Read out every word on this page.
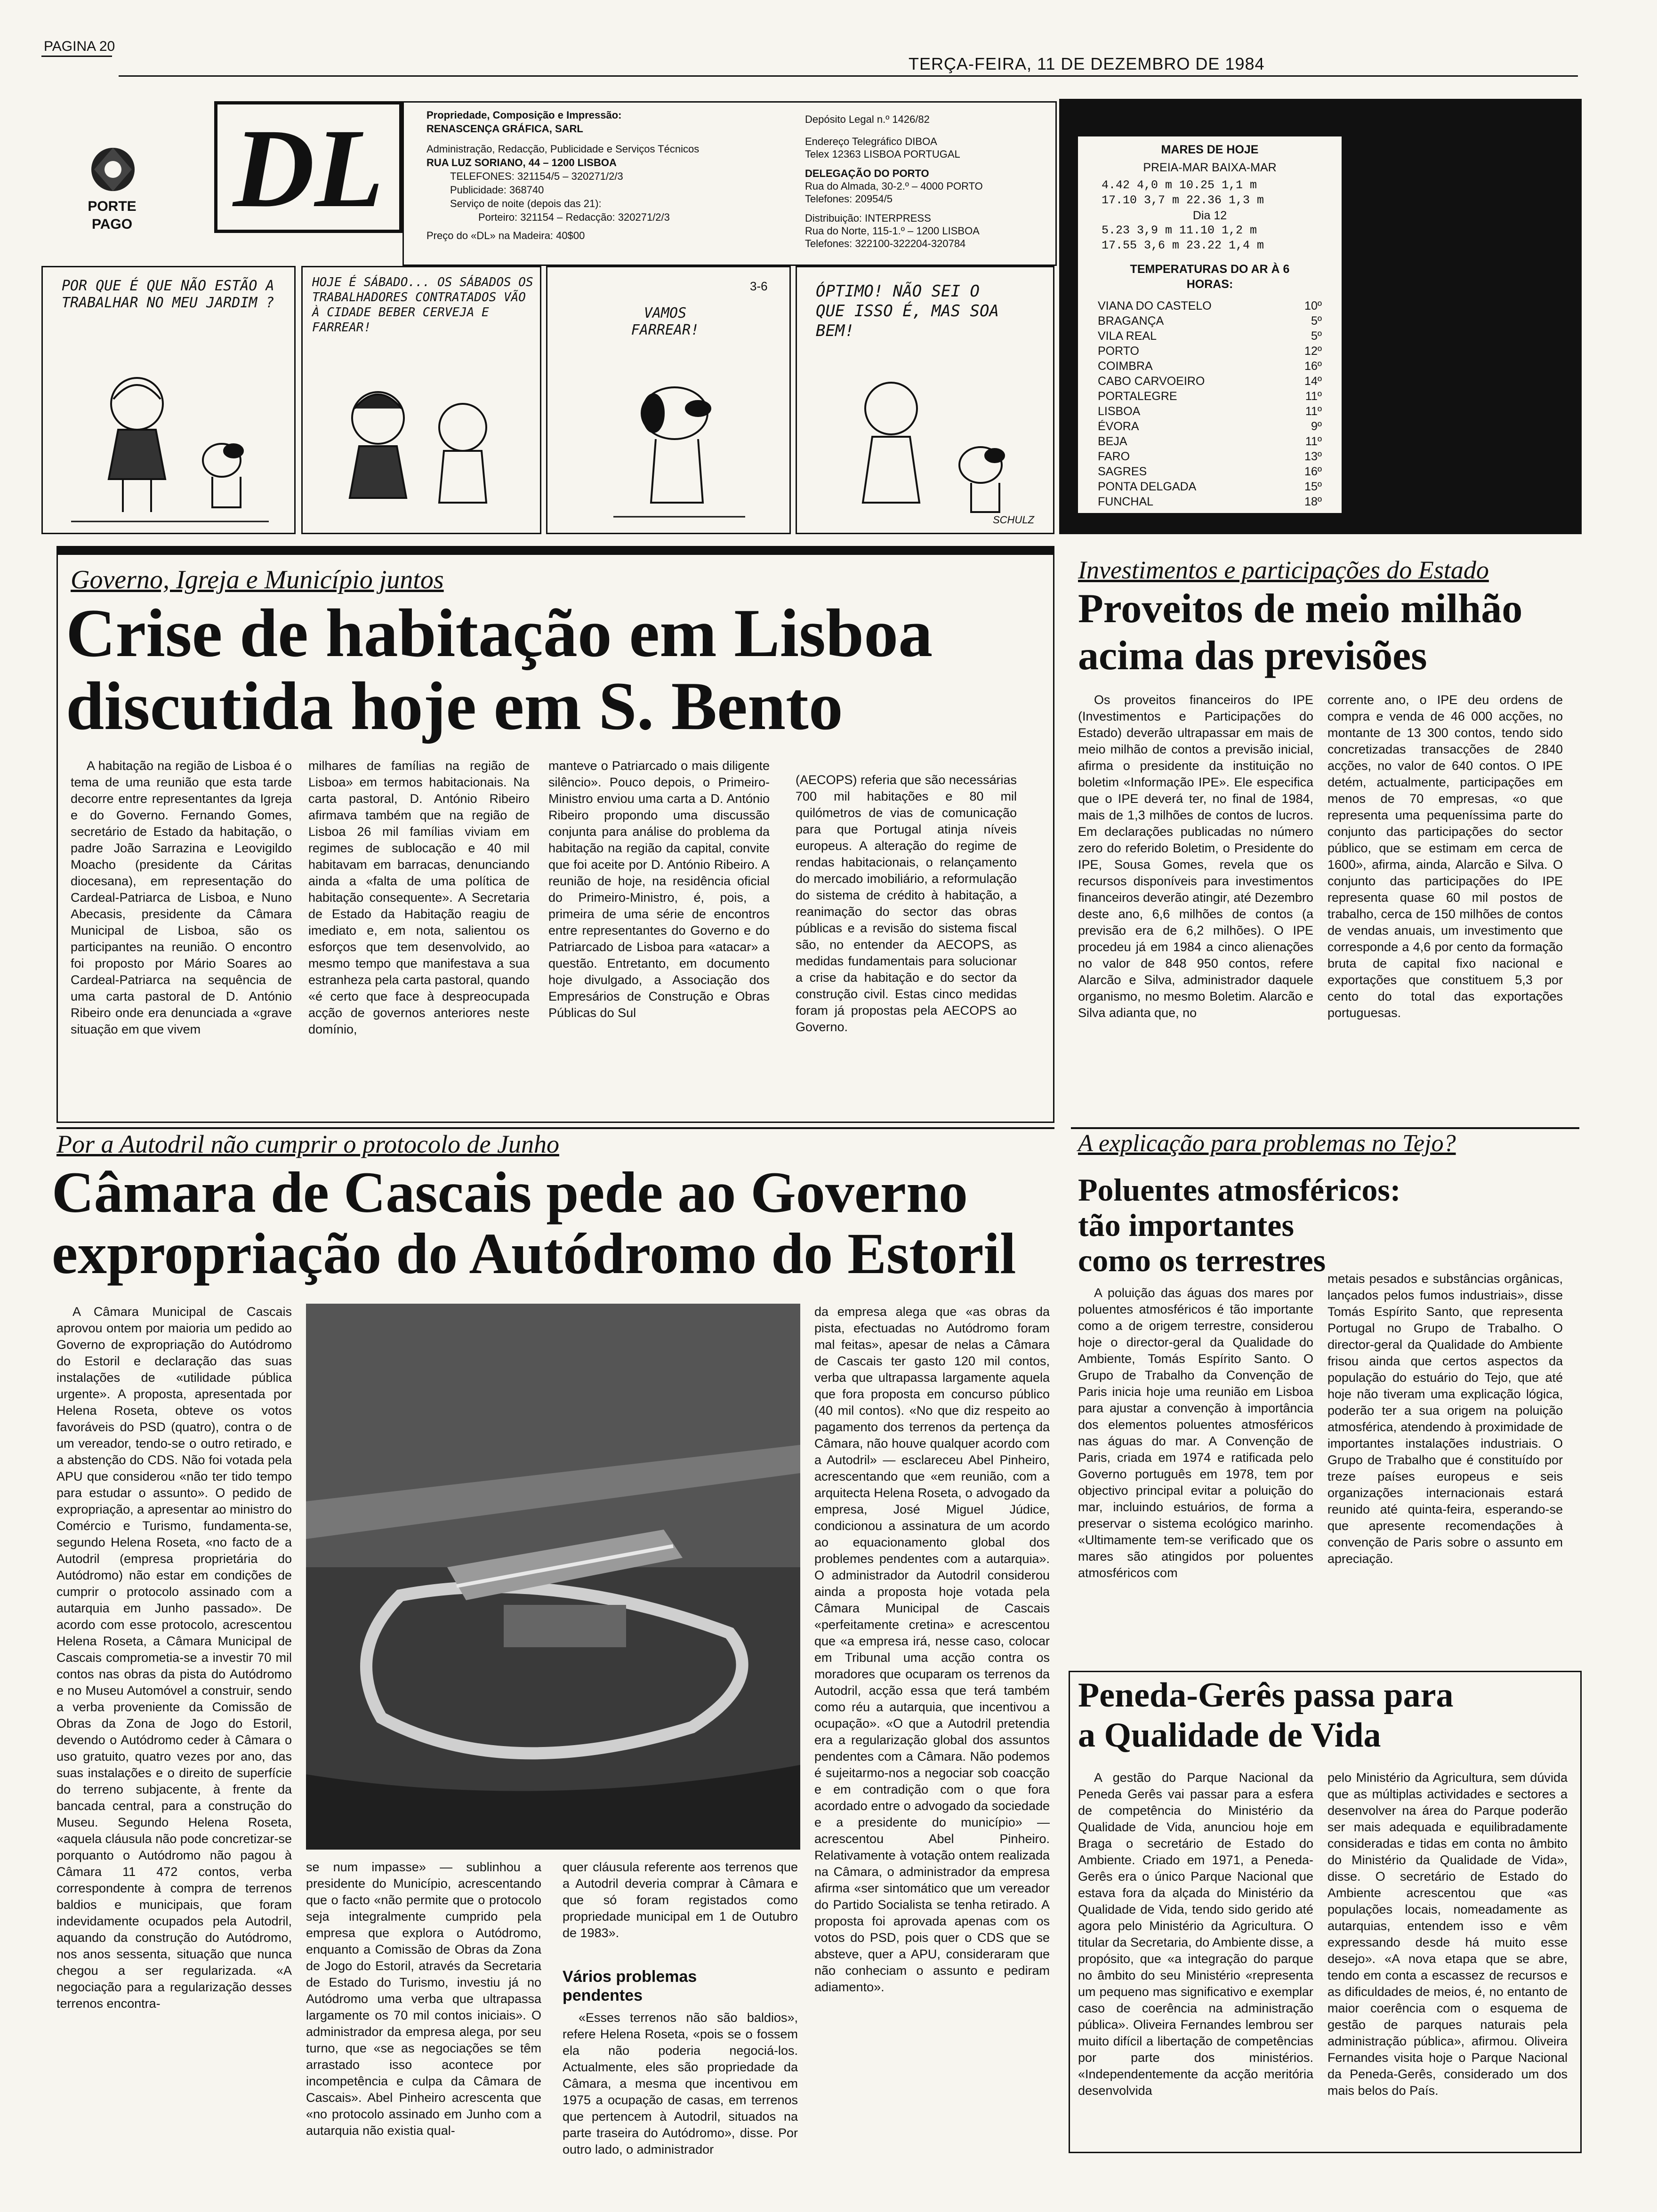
PAGINA 20
TERÇA-FEIRA, 11 DE DEZEMBRO DE 1984
PORTE PAGO DL	Propriedade, Composição e Impressão:
RENASCENÇA GRÁFICA, SARL
Administração, Redacção, Publicidade e Serviços Técnicos
RUA LUZ SORIANO, 44 – 1200 LISBOA
TELEFONES: 321154/5 – 320271/2/3
Publicidade: 368740
Serviço de noite (depois das 21):
Porteiro: 321154 – Redacção: 320271/2/3
Preço do «DL» na Madeira: 40$00
Depósito Legal n.º 1426/82
Endereço Telegráfico DIBOA
Telex 12363 LISBOA PORTUGAL
DELEGAÇÃO DO PORTO
Rua do Almada, 30-2.º – 4000 PORTO
Telefones: 20954/5
Distribuição: INTERPRESS
Rua do Norte, 115-1.º – 1200 LISBOA
Telefones: 322100-322204-320784
MARES DE HOJE
PREIA-MAR BAIXA-MAR
4.42 4,0 m 10.25 1,1 m
17.10 3,7 m 22.36 1,3 m
Dia 12
5.23 3,9 m 11.10 1,2 m
17.55 3,6 m 23.22 1,4 m
TEMPERATURAS DO AR À 6 HORAS:
VIANA DO CASTELO	10º
BRAGANÇA	5º
VILA REAL	5º
PORTO	12º
COIMBRA	16º
CABO CARVOEIRO	14º
PORTALEGRE	11º
LISBOA	11º
ÉVORA	9º
BEJA	11º
FARO	13º
SAGRES	16º
PONTA DELGADA	15º
FUNCHAL	18º
POR QUE É QUE NÃO ESTÃO A TRABALHAR NO MEU JARDIM ?
HOJE É SÁBADO... OS SÁBADOS OS TRABALHADORES CONTRATADOS VÃO À CIDADE BEBER CERVEJA E FARREAR!
VAMOS FARREAR!
3-6	ÓPTIMO! NÃO SEI O QUE ISSO É, MAS SOA BEM!
SCHULZ
Governo, Igreja e Município juntos
Crise de habitação em Lisboa
discutida hoje em S. Bento

A habitação na região de Lisboa é o tema de uma reunião que esta tarde decorre entre representantes da Igreja e do Governo. Fernando Gomes, secretário de Estado da habitação, o padre João Sarrazina e Leovigildo Moacho (presidente da Cáritas diocesana), em representação do Cardeal-Patriarca de Lisboa, e Nuno Abecasis, presidente da Câmara Municipal de Lisboa, são os participantes na reunião. O encontro foi proposto por Mário Soares ao Cardeal-Patriarca na sequência de uma carta pastoral de D. António Ribeiro onde era denunciada a «grave situação em que vivem

milhares de famílias na região de Lisboa» em termos habitacionais. Na carta pastoral, D. António Ribeiro afirmava também que na região de Lisboa 26 mil famílias viviam em regimes de sublocação e 40 mil habitavam em barracas, denunciando ainda a «falta de uma política de habitação consequente». A Secretaria de Estado da Habitação reagiu de imediato e, em nota, salientou os esforços que tem desenvolvido, ao mesmo tempo que manifestava a sua estranheza pela carta pastoral, quando «é certo que face à despreocupada acção de governos anteriores neste domínio,

manteve o Patriarcado o mais diligente silêncio». Pouco depois, o Primeiro-Ministro enviou uma carta a D. António Ribeiro propondo uma discussão conjunta para análise do problema da habitação na região da capital, convite que foi aceite por D. António Ribeiro. A reunião de hoje, na residência oficial do Primeiro-Ministro, é, pois, a primeira de uma série de encontros entre representantes do Governo e do Patriarcado de Lisboa para «atacar» a questão. Entretanto, em documento hoje divulgado, a Associação dos Empresários de Construção e Obras Públicas do Sul

(AECOPS) referia que são necessárias 700 mil habitações e 80 mil quilómetros de vias de comunicação para que Portugal atinja níveis europeus. A alteração do regime de rendas habitacionais, o relançamento do mercado imobiliário, a reformulação do sistema de crédito à habitação, a reanimação do sector das obras públicas e a revisão do sistema fiscal são, no entender da AECOPS, as medidas fundamentais para solucionar a crise da habitação e do sector da construção civil. Estas cinco medidas foram já propostas pela AECOPS ao Governo.

Investimentos e participações do Estado
Proveitos de meio milhão
acima das previsões

Os proveitos financeiros do IPE (Investimentos e Participações do Estado) deverão ultrapassar em mais de meio milhão de contos a previsão inicial, afirma o presidente da instituição no boletim «Informação IPE». Ele especifica que o IPE deverá ter, no final de 1984, mais de 1,3 milhões de contos de lucros. Em declarações publicadas no número zero do referido Boletim, o Presidente do IPE, Sousa Gomes, revela que os recursos disponíveis para investimentos financeiros deverão atingir, até Dezembro deste ano, 6,6 milhões de contos (a previsão era de 6,2 milhões). O IPE procedeu já em 1984 a cinco alienações no valor de 848 950 contos, refere Alarcão e Silva, administrador daquele organismo, no mesmo Boletim. Alarcão e Silva adianta que, no

corrente ano, o IPE deu ordens de compra e venda de 46 000 acções, no montante de 13 300 contos, tendo sido concretizadas transacções de 2840 acções, no valor de 640 contos. O IPE detém, actualmente, participações em menos de 70 empresas, «o que representa uma pequeníssima parte do conjunto das participações do sector público, que se estimam em cerca de 1600», afirma, ainda, Alarcão e Silva. O conjunto das participações do IPE representa quase 60 mil postos de trabalho, cerca de 150 milhões de contos de vendas anuais, um investimento que corresponde a 4,6 por cento da formação bruta de capital fixo nacional e exportações que constituem 5,3 por cento do total das exportações portuguesas.

Por a Autodril não cumprir o protocolo de Junho
Câmara de Cascais pede ao Governo
expropriação do Autódromo do Estoril

A Câmara Municipal de Cascais aprovou ontem por maioria um pedido ao Governo de expropriação do Autódromo do Estoril e declaração das suas instalações de «utilidade pública urgente». A proposta, apresentada por Helena Roseta, obteve os votos favoráveis do PSD (quatro), contra o de um vereador, tendo-se o outro retirado, e a abstenção do CDS. Não foi votada pela APU que considerou «não ter tido tempo para estudar o assunto». O pedido de expropriação, a apresentar ao ministro do Comércio e Turismo, fundamenta-se, segundo Helena Roseta, «no facto de a Autodril (empresa proprietária do Autódromo) não estar em condições de cumprir o protocolo assinado com a autarquia em Junho passado». De acordo com esse protocolo, acrescentou Helena Roseta, a Câmara Municipal de Cascais comprometia-se a investir 70 mil contos nas obras da pista do Autódromo e no Museu Automóvel a construir, sendo a verba proveniente da Comissão de Obras da Zona de Jogo do Estoril, devendo o Autódromo ceder à Câmara o uso gratuito, quatro vezes por ano, das suas instalações e o direito de superfície do terreno subjacente, à frente da bancada central, para a construção do Museu. Segundo Helena Roseta, «aquela cláusula não pode concretizar-se porquanto o Autódromo não pagou à Câmara 11 472 contos, verba correspondente à compra de terrenos baldios e municipais, que foram indevidamente ocupados pela Autodril, aquando da construção do Autódromo, nos anos sessenta, situação que nunca chegou a ser regularizada. «A negociação para a regularização desses terrenos encontra-

se num impasse» — sublinhou a presidente do Município, acrescentando que o facto «não permite que o protocolo seja integralmente cumprido pela empresa que explora o Autódromo, enquanto a Comissão de Obras da Zona de Jogo do Estoril, através da Secretaria de Estado do Turismo, investiu já no Autódromo uma verba que ultrapassa largamente os 70 mil contos iniciais». O administrador da empresa alega, por seu turno, que «se as negociações se têm arrastado isso acontece por incompetência e culpa da Câmara de Cascais». Abel Pinheiro acrescenta que «no protocolo assinado em Junho com a autarquia não existia qual-

quer cláusula referente aos terrenos que a Autodril deveria comprar à Câmara e que só foram registados como propriedade municipal em 1 de Outubro de 1983».

Vários problemas pendentes

«Esses terrenos não são baldios», refere Helena Roseta, «pois se o fossem ela não poderia negociá-los. Actualmente, eles são propriedade da Câmara, a mesma que incentivou em 1975 a ocupação de casas, em terrenos que pertencem à Autodril, situados na parte traseira do Autódromo», disse. Por outro lado, o administrador

da empresa alega que «as obras da pista, efectuadas no Autódromo foram mal feitas», apesar de nelas a Câmara de Cascais ter gasto 120 mil contos, verba que ultrapassa largamente aquela que fora proposta em concurso público (40 mil contos). «No que diz respeito ao pagamento dos terrenos da pertença da Câmara, não houve qualquer acordo com a Autodril» — esclareceu Abel Pinheiro, acrescentando que «em reunião, com a arquitecta Helena Roseta, o advogado da empresa, José Miguel Júdice, condicionou a assinatura de um acordo ao equacionamento global dos problemes pendentes com a autarquia». O administrador da Autodril considerou ainda a proposta hoje votada pela Câmara Municipal de Cascais «perfeitamente cretina» e acrescentou que «a empresa irá, nesse caso, colocar em Tribunal uma acção contra os moradores que ocuparam os terrenos da Autodril, acção essa que terá também como réu a autarquia, que incentivou a ocupação». «O que a Autodril pretendia era a regularização global dos assuntos pendentes com a Câmara. Não podemos é sujeitarmo-nos a negociar sob coacção e em contradição com o que fora acordado entre o advogado da sociedade e a presidente do município» — acrescentou Abel Pinheiro. Relativamente à votação ontem realizada na Câmara, o administrador da empresa afirma «ser sintomático que um vereador do Partido Socialista se tenha retirado. A proposta foi aprovada apenas com os votos do PSD, pois quer o CDS que se absteve, quer a APU, consideraram que não conheciam o assunto e pediram adiamento».

A explicação para problemas no Tejo?
Poluentes atmosféricos:
tão importantes
como os terrestres

A poluição das águas dos mares por poluentes atmosféricos é tão importante como a de origem terrestre, considerou hoje o director-geral da Qualidade do Ambiente, Tomás Espírito Santo. O Grupo de Trabalho da Convenção de Paris inicia hoje uma reunião em Lisboa para ajustar a convenção à importância dos elementos poluentes atmosféricos nas águas do mar. A Convenção de Paris, criada em 1974 e ratificada pelo Governo português em 1978, tem por objectivo principal evitar a poluição do mar, incluindo estuários, de forma a preservar o sistema ecológico marinho. «Ultimamente tem-se verificado que os mares são atingidos por poluentes atmosféricos com

metais pesados e substâncias orgânicas, lançados pelos fumos industriais», disse Tomás Espírito Santo, que representa Portugal no Grupo de Trabalho. O director-geral da Qualidade do Ambiente frisou ainda que certos aspectos da população do estuário do Tejo, que até hoje não tiveram uma explicação lógica, poderão ter a sua origem na poluição atmosférica, atendendo à proximidade de importantes instalações industriais. O Grupo de Trabalho que é constituído por treze países europeus e seis organizações internacionais estará reunido até quinta-feira, esperando-se que apresente recomendações à convenção de Paris sobre o assunto em apreciação.

Peneda-Gerês passa para
a Qualidade de Vida

A gestão do Parque Nacional da Peneda Gerês vai passar para a esfera de competência do Ministério da Qualidade de Vida, anunciou hoje em Braga o secretário de Estado do Ambiente. Criado em 1971, a Peneda-Gerês era o único Parque Nacional que estava fora da alçada do Ministério da Qualidade de Vida, tendo sido gerido até agora pelo Ministério da Agricultura. O titular da Secretaria, do Ambiente disse, a propósito, que «a integração do parque no âmbito do seu Ministério «representa um pequeno mas significativo e exemplar caso de coerência na administração pública». Oliveira Fernandes lembrou ser muito difícil a libertação de competências por parte dos ministérios. «Independentemente da acção meritória desenvolvida

pelo Ministério da Agricultura, sem dúvida que as múltiplas actividades e sectores a desenvolver na área do Parque poderão ser mais adequada e equilibradamente consideradas e tidas em conta no âmbito do Ministério da Qualidade de Vida», disse. O secretário de Estado do Ambiente acrescentou que «as populações locais, nomeadamente as autarquias, entendem isso e vêm expressando desde há muito esse desejo». «A nova etapa que se abre, tendo em conta a escassez de recursos e as dificuldades de meios, é, no entanto de maior coerência com o esquema de gestão de parques naturais pela administração pública», afirmou. Oliveira Fernandes visita hoje o Parque Nacional da Peneda-Gerês, considerado um dos mais belos do País.
